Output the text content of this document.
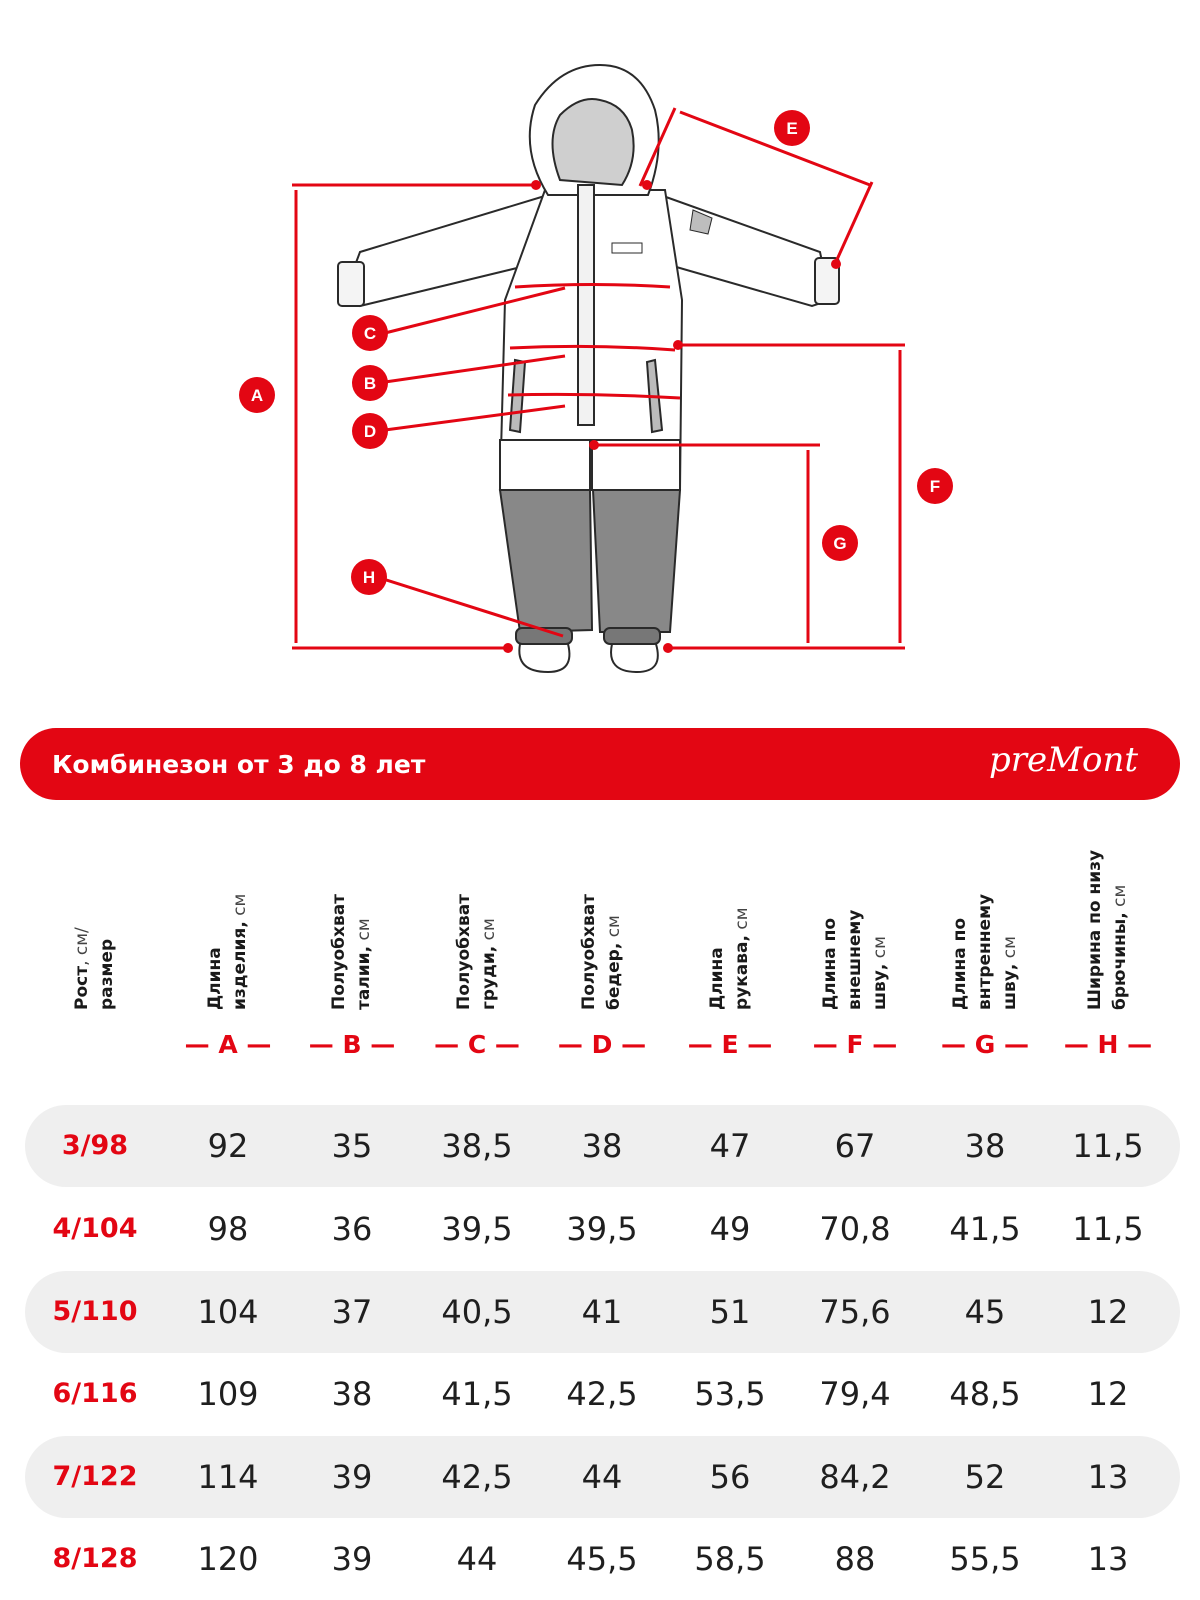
A
C
B
D
E
F
G
H
Комбинезон от 3 до 8 лет	preMont
Рост, см/ размер	Длина изделия, см
— A —
Полуобхват талии, см
— B —
Полуобхват груди, см
— C —
Полуобхват бедер, см
— D —
Длина рукава, см
— E —
Длина по внешнему шву, см
— F —
Длина по внтреннему шву, см
— G —
Ширина по низу брючины, см
— H —
3/98	92	35	38,5	38	47	67	38	11,5
4/104	98	36	39,5	39,5	49	70,8	41,5	11,5
5/110	104	37	40,5	41	51	75,6	45	12
6/116	109	38	41,5	42,5	53,5	79,4	48,5	12
7/122	114	39	42,5	44	56	84,2	52	13
8/128	120	39	44	45,5	58,5	88	55,5	13
